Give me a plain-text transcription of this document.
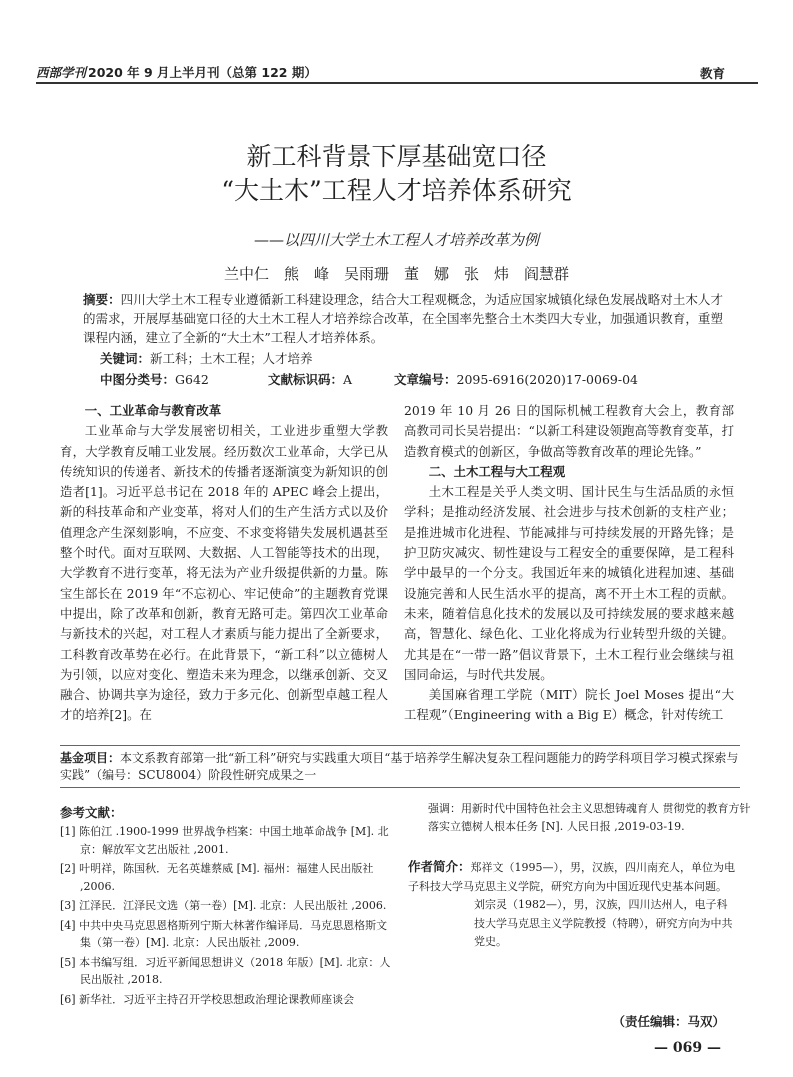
西部学刊 2020 年 9 月上半月刊（总第 122 期）	教育
新工科背景下厚基础宽口径
“大土木”工程人才培养体系研究
——以四川大学土木工程人才培养改革为例
兰中仁　熊　峰　吴雨珊　董　娜　张　炜　阎慧群
摘要：四川大学土木工程专业遵循新工科建设理念，结合大工程观概念，为适应国家城镇化绿色发展战略对土木人才的需求，开展厚基础宽口径的大土木工程人才培养综合改革，在全国率先整合土木类四大专业，加强通识教育，重塑课程内涵，建立了全新的“大土木”工程人才培养体系。
关键词：新工科；土木工程；人才培养
中图分类号：G642	文献标识码：A	文章编号：2095-6916(2020)17-0069-04
一、工业革命与教育改革

工业革命与大学发展密切相关，工业进步重塑大学教育，大学教育反哺工业发展。经历数次工业革命，大学已从传统知识的传递者、新技术的传播者逐渐演变为新知识的创造者[1]。习近平总书记在 2018 年的 APEC 峰会上提出，新的科技革命和产业变革，将对人们的生产生活方式以及价值理念产生深刻影响，不应变、不求变将错失发展机遇甚至整个时代。面对互联网、大数据、人工智能等技术的出现，大学教育不进行变革，将无法为产业升级提供新的力量。陈宝生部长在 2019 年“不忘初心、牢记使命”的主题教育党课中提出，除了改革和创新，教育无路可走。第四次工业革命与新技术的兴起，对工程人才素质与能力提出了全新要求，工科教育改革势在必行。在此背景下，“新工科”以立德树人为引领，以应对变化、塑造未来为理念，以继承创新、交叉融合、协调共享为途径，致力于多元化、创新型卓越工程人才的培养[2]。在

2019 年 10 月 26 日的国际机械工程教育大会上，教育部高教司司长吴岩提出：“以新工科建设领跑高等教育变革，打造教育模式的创新区，争做高等教育改革的理论先锋。”

二、土木工程与大工程观

土木工程是关乎人类文明、国计民生与生活品质的永恒学科；是推动经济发展、社会进步与技术创新的支柱产业；是推进城市化进程、节能减排与可持续发展的开路先锋；是护卫防灾减灾、韧性建设与工程安全的重要保障，是工程科学中最早的一个分支。我国近年来的城镇化进程加速、基础设施完善和人民生活水平的提高，离不开土木工程的贡献。未来，随着信息化技术的发展以及可持续发展的要求越来越高，智慧化、绿色化、工业化将成为行业转型升级的关键。尤其是在“一带一路”倡议背景下，土木工程行业会继续与祖国同命运，与时代共发展。

美国麻省理工学院（MIT）院长 Joel Moses 提出“大工程观”（Engineering with a Big E）概念，针对传统工

基金项目：本文系教育部第一批“新工科”研究与实践重大项目“基于培养学生解决复杂工程问题能力的跨学科项目学习模式探索与实践”（编号：SCU8004）阶段性研究成果之一
参考文献：
[1] 陈伯江 .1900-1999 世界战争档案：中国土地革命战争 [M]. 北京：解放军文艺出版社 ,2001.
[2] 叶明祥，陈国秋．无名英雄蔡威 [M]. 福州：福建人民出版社 ,2006.
[3] 江泽民．江泽民文选（第一卷）[M]. 北京：人民出版社 ,2006.
[4] 中共中央马克思恩格斯列宁斯大林著作编译局．马克思恩格斯文集（第一卷）[M]. 北京：人民出版社 ,2009.
[5] 本书编写组．习近平新闻思想讲义（2018 年版）[M]. 北京：人民出版社 ,2018.
[6] 新华社．习近平主持召开学校思想政治理论课教师座谈会
强调：用新时代中国特色社会主义思想铸魂育人 贯彻党的教育方针落实立德树人根本任务 [N]. 人民日报 ,2019-03-19.
作者简介：郑祥文（1995—），男，汉族，四川南充人，单位为电子科技大学马克思主义学院，研究方向为中国近现代史基本问题。
刘宗灵（1982—），男，汉族，四川达州人，电子科技大学马克思主义学院教授（特聘），研究方向为中共党史。
（责任编辑：马双）
— 069 —
